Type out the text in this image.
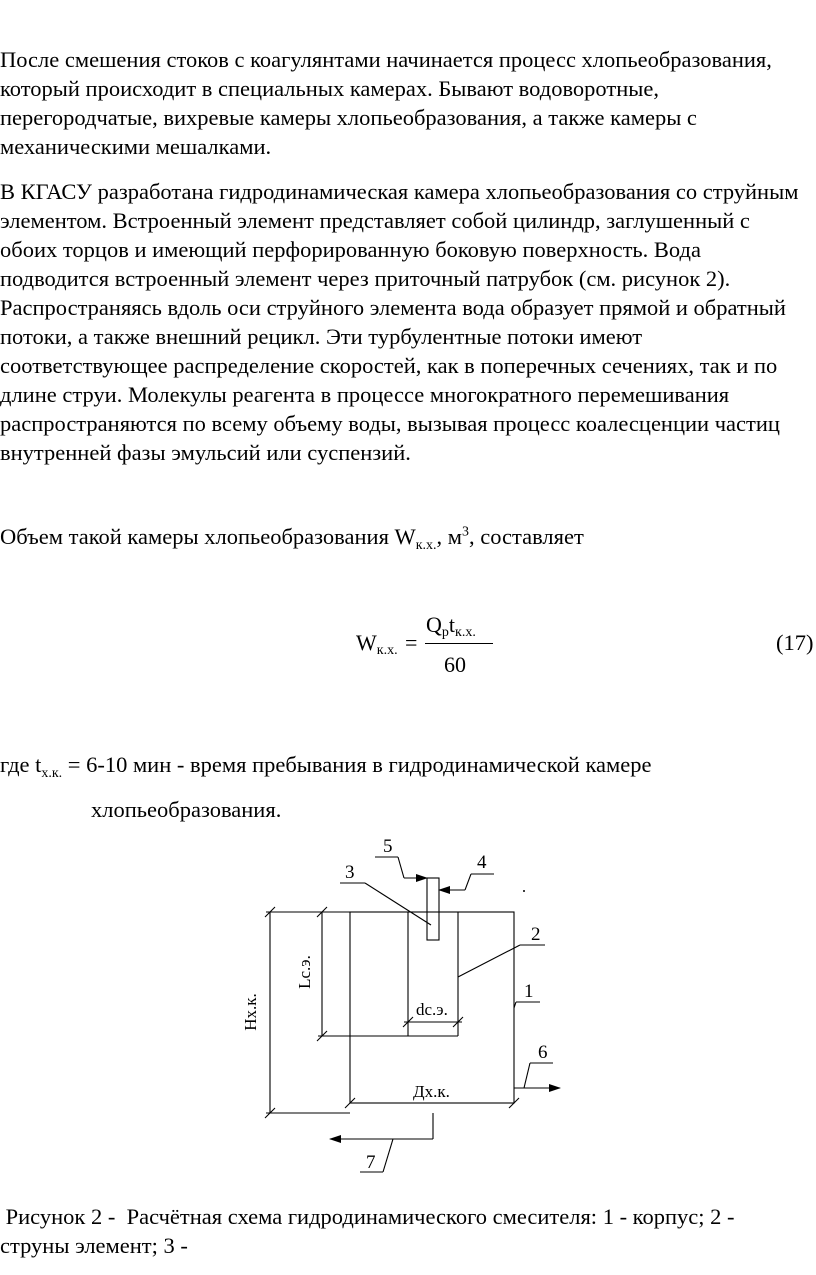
После смешения стоков с коагулянтами начинается процесс хлопьеобразования, который происходит в специальных камерах. Бывают водоворотные, перегородчатые, вихревые камеры хлопьеобразования, а также камеры с механическими мешалками.

В КГАСУ разработана гидродинамическая камера хлопьеобразования со струйным элементом. Встроенный элемент представляет собой цилиндр, заглушенный с обоих торцов и имеющий перфорированную боковую поверхность. Вода подводится встроенный элемент через приточный патрубок (см. рисунок 2). Распространяясь вдоль оси струйного элемента вода образует прямой и обратный потоки, а также внешний рецикл. Эти турбулентные потоки имеют соответствующее распределение скоростей, как в поперечных сечениях, так и по длине струи. Молекулы реагента в процессе многократного перемешивания распространяются по всему объему воды, вызывая процесс коалесценции частиц внутренней фазы эмульсий или суспензий.

Объем такой камеры хлопьеобразования $W_{к.х.}$, $м^3$, составляет
$W_{к.х.}$ =
$Q_рt_{к.х.}$
60
(17)
где $t_{х.к.} = 6-10$ мин - время пребывания в гидродинамической камере
хлопьеобразования.
5
4
3
2
1
6
7
Дх.к.
dс.э.
Нх.к.
Lс.э.
Рисунок 2 -  Расчётная схема гидродинамического смесителя: 1 - корпус; 2 -
струны элемент; 3 -
